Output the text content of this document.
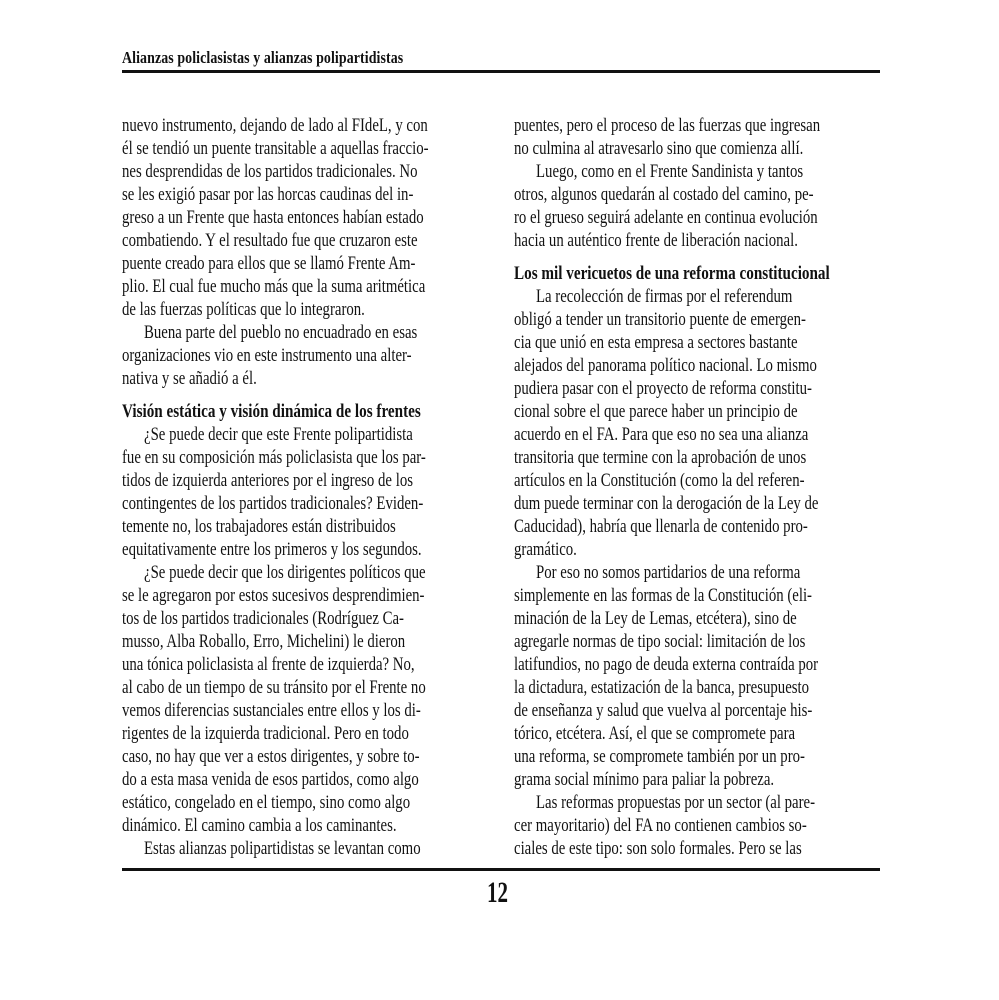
Alianzas policlasistas y alianzas polipartidistas
nuevo instrumento, dejando de lado al FIdeL, y con
él se tendió un puente transitable a aquellas fraccio-
nes desprendidas de los partidos tradicionales. No
se les exigió pasar por las horcas caudinas del in-
greso a un Frente que hasta entonces habían estado
combatiendo. Y el resultado fue que cruzaron este
puente creado para ellos que se llamó Frente Am-
plio. El cual fue mucho más que la suma aritmética
de las fuerzas políticas que lo integraron.
Buena parte del pueblo no encuadrado en esas
organizaciones vio en este instrumento una alter-
nativa y se añadió a él.
Visión estática y visión dinámica de los frentes
¿Se puede decir que este Frente polipartidista
fue en su composición más policlasista que los par-
tidos de izquierda anteriores por el ingreso de los
contingentes de los partidos tradicionales? Eviden-
temente no, los trabajadores están distribuidos
equitativamente entre los primeros y los segundos.
¿Se puede decir que los dirigentes políticos que
se le agregaron por estos sucesivos desprendimien-
tos de los partidos tradicionales (Rodríguez Ca-
musso, Alba Roballo, Erro, Michelini) le dieron
una tónica policlasista al frente de izquierda? No,
al cabo de un tiempo de su tránsito por el Frente no
vemos diferencias sustanciales entre ellos y los di-
rigentes de la izquierda tradicional. Pero en todo
caso, no hay que ver a estos dirigentes, y sobre to-
do a esta masa venida de esos partidos, como algo
estático, congelado en el tiempo, sino como algo
dinámico. El camino cambia a los caminantes.
Estas alianzas polipartidistas se levantan como
puentes, pero el proceso de las fuerzas que ingresan
no culmina al atravesarlo sino que comienza allí.
Luego, como en el Frente Sandinista y tantos
otros, algunos quedarán al costado del camino, pe-
ro el grueso seguirá adelante en continua evolución
hacia un auténtico frente de liberación nacional.
Los mil vericuetos de una reforma constitucional
La recolección de firmas por el referendum
obligó a tender un transitorio puente de emergen-
cia que unió en esta empresa a sectores bastante
alejados del panorama político nacional. Lo mismo
pudiera pasar con el proyecto de reforma constitu-
cional sobre el que parece haber un principio de
acuerdo en el FA. Para que eso no sea una alianza
transitoria que termine con la aprobación de unos
artículos en la Constitución (como la del referen-
dum puede terminar con la derogación de la Ley de
Caducidad), habría que llenarla de contenido pro-
gramático.
Por eso no somos partidarios de una reforma
simplemente en las formas de la Constitución (eli-
minación de la Ley de Lemas, etcétera), sino de
agregarle normas de tipo social: limitación de los
latifundios, no pago de deuda externa contraída por
la dictadura, estatización de la banca, presupuesto
de enseñanza y salud que vuelva al porcentaje his-
tórico, etcétera. Así, el que se compromete para
una reforma, se compromete también por un pro-
grama social mínimo para paliar la pobreza.
Las reformas propuestas por un sector (al pare-
cer mayoritario) del FA no contienen cambios so-
ciales de este tipo: son solo formales. Pero se las
12
